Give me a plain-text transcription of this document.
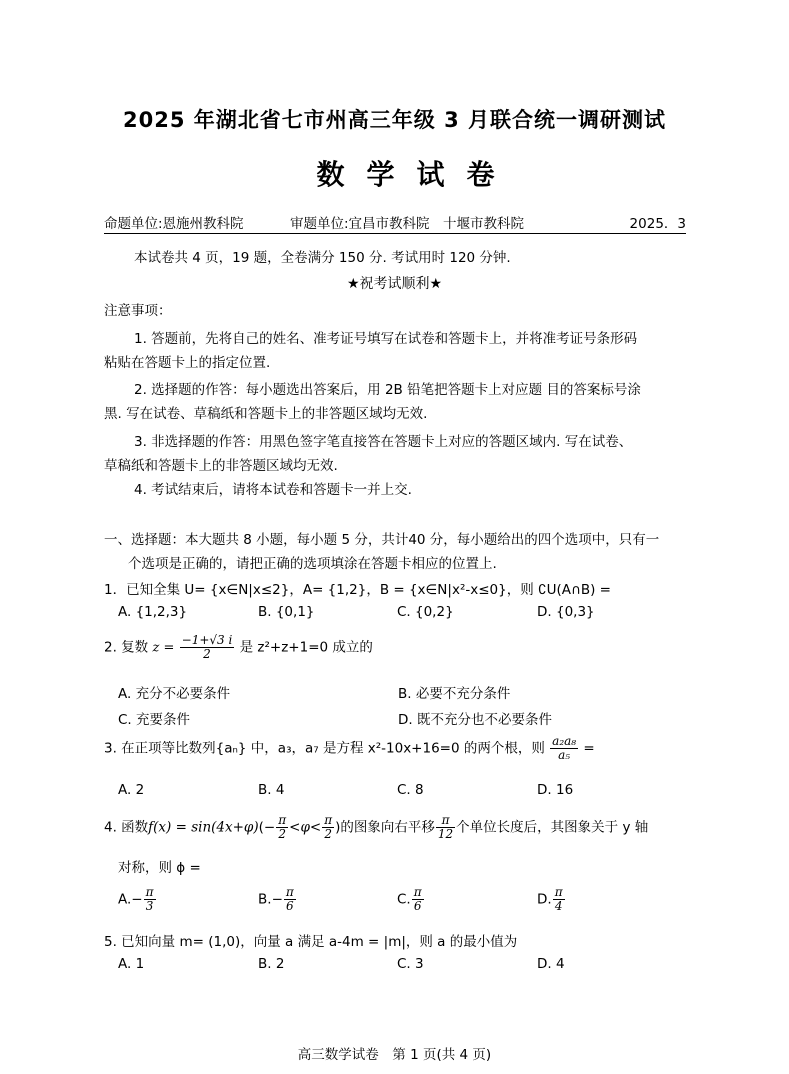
2025 年湖北省七市州高三年级 3 月联合统一调研测试
数学试卷
命题单位:恩施州教科院	审题单位:宜昌市教科院　十堰市教科院	2025．3
本试卷共 4 页，19 题，全卷满分 150 分. 考试用时 120 分钟.
★祝考试顺利★
注意事项：
1. 答题前，先将自己的姓名、准考证号填写在试卷和答题卡上，并将准考证号条形码
粘贴在答题卡上的指定位置.
2. 选择题的作答：每小题选出答案后，用 2B 铅笔把答题卡上对应题 目的答案标号涂
黑. 写在试卷、草稿纸和答题卡上的非答题区域均无效.
3. 非选择题的作答：用黑色签字笔直接答在答题卡上对应的答题区域内. 写在试卷、
草稿纸和答题卡上的非答题区域均无效.
4. 考试结束后，请将本试卷和答题卡一并上交.
一、选择题：本大题共 8 小题，每小题 5 分，共计40 分，每小题给出的四个选项中，只有一
个选项是正确的，请把正确的选项填涂在答题卡相应的位置上.
1．已知全集 U= {x∈N|x≤2}，A= {1,2}，B = {x∈N|x²-x≤0}，则 ∁U(A∩B) =
A. {1,2,3}	B. {0,1}	C. {0,2}	D. {0,3}
2. 复数 $z = \frac{-1+√3 i}{2}$ 是 z²+z+1=0 成立的
A. 充分不必要条件	B. 必要不充分条件
C. 充要条件	D. 既不充分也不必要条件
3. 在正项等比数列{aₙ} 中，a₃，a₇ 是方程 x²-10x+16=0 的两个根，则 $\frac{\text{a₂a₈}}{\text{a₅}}$ =
A. 2	B. 4	C. 8	D. 16
4. 函数$f(x) = \sin(4x+\varphi)(- \frac{\pi}{2} <\varphi< \frac{\pi}{2}$ )的图象向右平移 $\frac{\pi}{12}$ 个单位长度后，其图象关于 y 轴
对称，则 ϕ =
$A.- \frac{\pi}{3}$	$B.- \frac{\pi}{6}$	C. $\frac{\pi}{6}$	D. $\frac{\pi}{4}$
5. 已知向量 m= (1,0)，向量 a 满足 a-4m = |m|，则 a 的最小值为
A. 1	B. 2	C. 3	D. 4
高三数学试卷　第 1 页(共 4 页)
